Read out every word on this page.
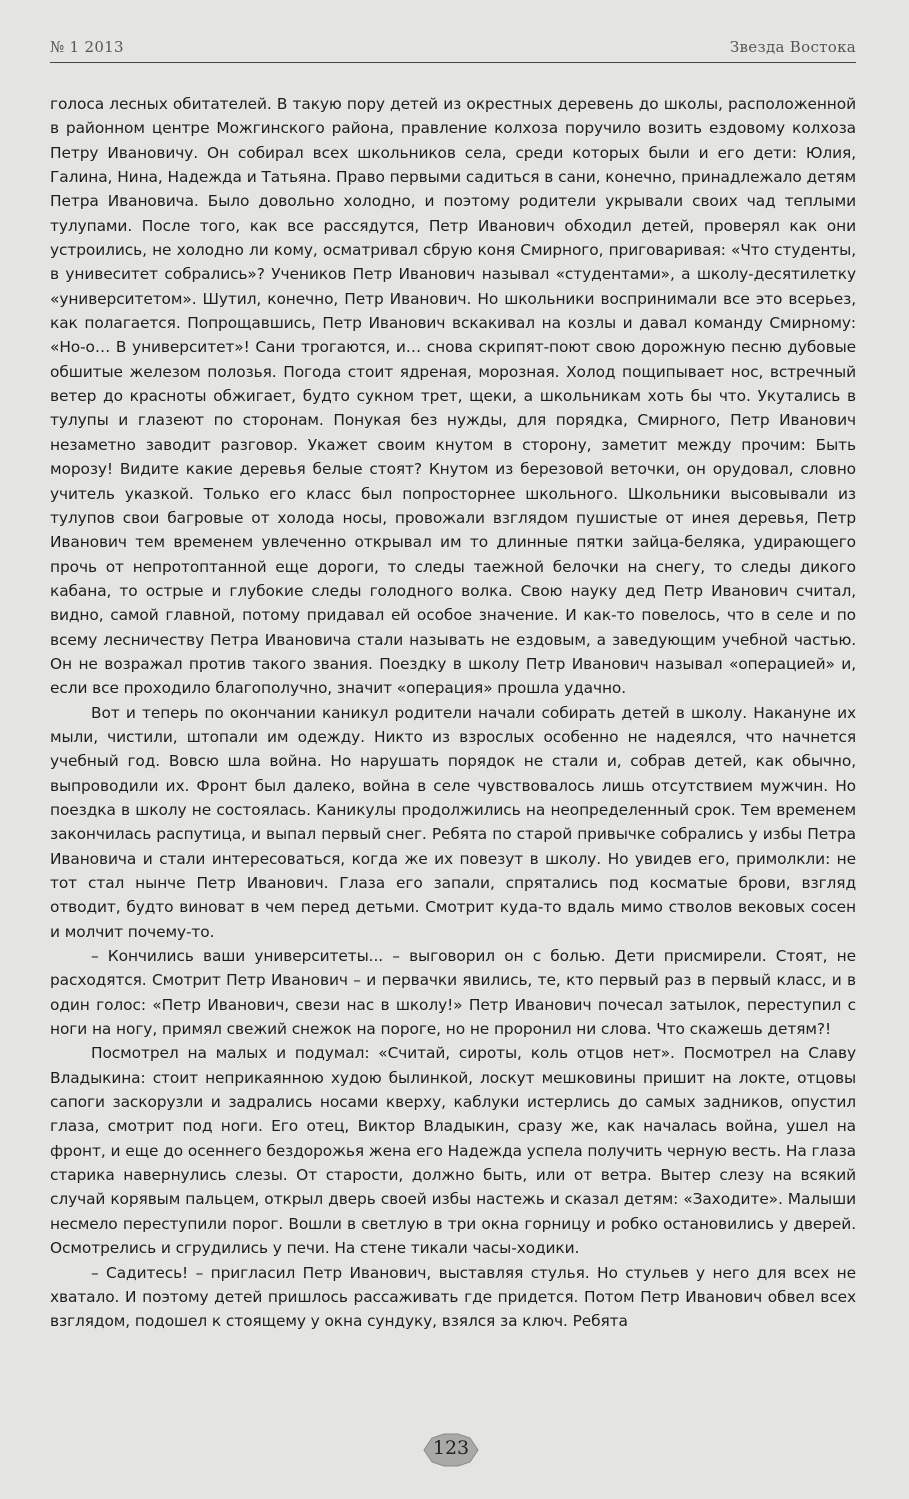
№ 1 2013	Звезда Востока

голоса лесных обитателей. В такую пору детей из окрестных деревень до школы, расположенной в районном центре Можгинского района, правление колхоза поручило возить ездовому колхоза Петру Ивановичу. Он собирал всех школьников села, среди которых были и его дети: Юлия, Галина, Нина, Надежда и Татьяна. Право первыми садиться в сани, конечно, принадлежало детям Петра Ивановича. Было довольно холодно, и поэтому родители укрывали своих чад теплыми тулупами. После того, как все рассядутся, Петр Иванович обходил детей, проверял как они устроились, не холодно ли кому, осматривал сбрую коня Смирного, приговаривая: «Что студенты, в унивеситет собрались»? Учеников Петр Иванович называл «студентами», а школу-десятилетку «университетом». Шутил, конечно, Петр Иванович. Но школьники воспринимали все это всерьез, как полагается. Попрощавшись, Петр Иванович вскакивал на козлы и давал команду Смирному: «Но-о… В университет»! Сани трогаются, и… снова скрипят-поют свою дорожную песню дубовые обшитые железом полозья. Погода стоит ядреная, морозная. Холод пощипывает нос, встречный ветер до красноты обжигает, будто сукном трет, щеки, а школьникам хоть бы что. Укутались в тулупы и глазеют по сторонам. Понукая без нужды, для порядка, Смирного, Петр Иванович незаметно заводит разговор. Укажет своим кнутом в сторону, заметит между прочим: Быть морозу! Видите какие деревья белые стоят? Кнутом из березовой веточки, он орудовал, словно учитель указкой. Только его класс был попросторнее школьного. Школьники высовывали из тулупов свои багровые от холода носы, провожали взглядом пушистые от инея деревья, Петр Иванович тем временем увлеченно открывал им то длинные пятки зайца-беляка, удирающего прочь от непротоптанной еще дороги, то следы таежной белочки на снегу, то следы дикого кабана, то острые и глубокие следы голодного волка. Свою науку дед Петр Иванович считал, видно, самой главной, потому придавал ей особое значение. И как-то повелось, что в селе и по всему лесничеству Петра Ивановича стали называть не ездовым, а заведующим учебной частью. Он не возражал против такого звания. Поездку в школу Петр Иванович называл «операцией» и, если все проходило благополучно, значит «операция» прошла удачно.

Вот и теперь по окончании каникул родители начали собирать детей в школу. Накануне их мыли, чистили, штопали им одежду. Никто из взрослых особенно не надеялся, что начнется учебный год. Вовсю шла война. Но нарушать порядок не стали и, собрав детей, как обычно, выпроводили их. Фронт был далеко, война в селе чувствовалось лишь отсутствием мужчин. Но поездка в школу не состоялась. Каникулы продолжились на неопределенный срок. Тем временем закончилась распутица, и выпал первый снег. Ребята по старой привычке собрались у избы Петра Ивановича и стали интересоваться, когда же их повезут в школу. Но увидев его, примолкли: не тот стал нынче Петр Иванович. Глаза его запали, спрятались под косматые брови, взгляд отводит, будто виноват в чем перед детьми. Смотрит куда-то вдаль мимо стволов вековых сосен и молчит почему-то.

– Кончились ваши университеты... – выговорил он с болью. Дети присмирели. Стоят, не расходятся. Смотрит Петр Иванович – и первачки явились, те, кто первый раз в первый класс, и в один голос: «Петр Иванович, свези нас в школу!» Петр Иванович почесал затылок, переступил с ноги на ногу, примял свежий снежок на пороге, но не проронил ни слова. Что скажешь детям?!

Посмотрел на малых и подумал: «Считай, сироты, коль отцов нет». Посмотрел на Славу Владыкина: стоит неприкаянною худою былинкой, лоскут мешковины пришит на локте, отцовы сапоги заскорузли и задрались носами кверху, каблуки истерлись до самых задников, опустил глаза, смотрит под ноги. Его отец, Виктор Владыкин, сразу же, как началась война, ушел на фронт, и еще до осеннего бездорожья жена его Надежда успела получить черную весть. На глаза старика навернулись слезы. От старости, должно быть, или от ветра. Вытер слезу на всякий случай корявым пальцем, открыл дверь своей избы настежь и сказал детям: «Заходите». Малыши несмело переступили порог. Вошли в светлую в три окна горницу и робко остановились у дверей. Осмотрелись и сгрудились у печи. На стене тикали часы-ходики.

– Садитесь! – пригласил Петр Иванович, выставляя стулья. Но стульев у него для всех не хватало. И поэтому детей пришлось рассаживать где придется. Потом Петр Иванович обвел всех взглядом, подошел к стоящему у окна сундуку, взялся за ключ. Ребята

123
